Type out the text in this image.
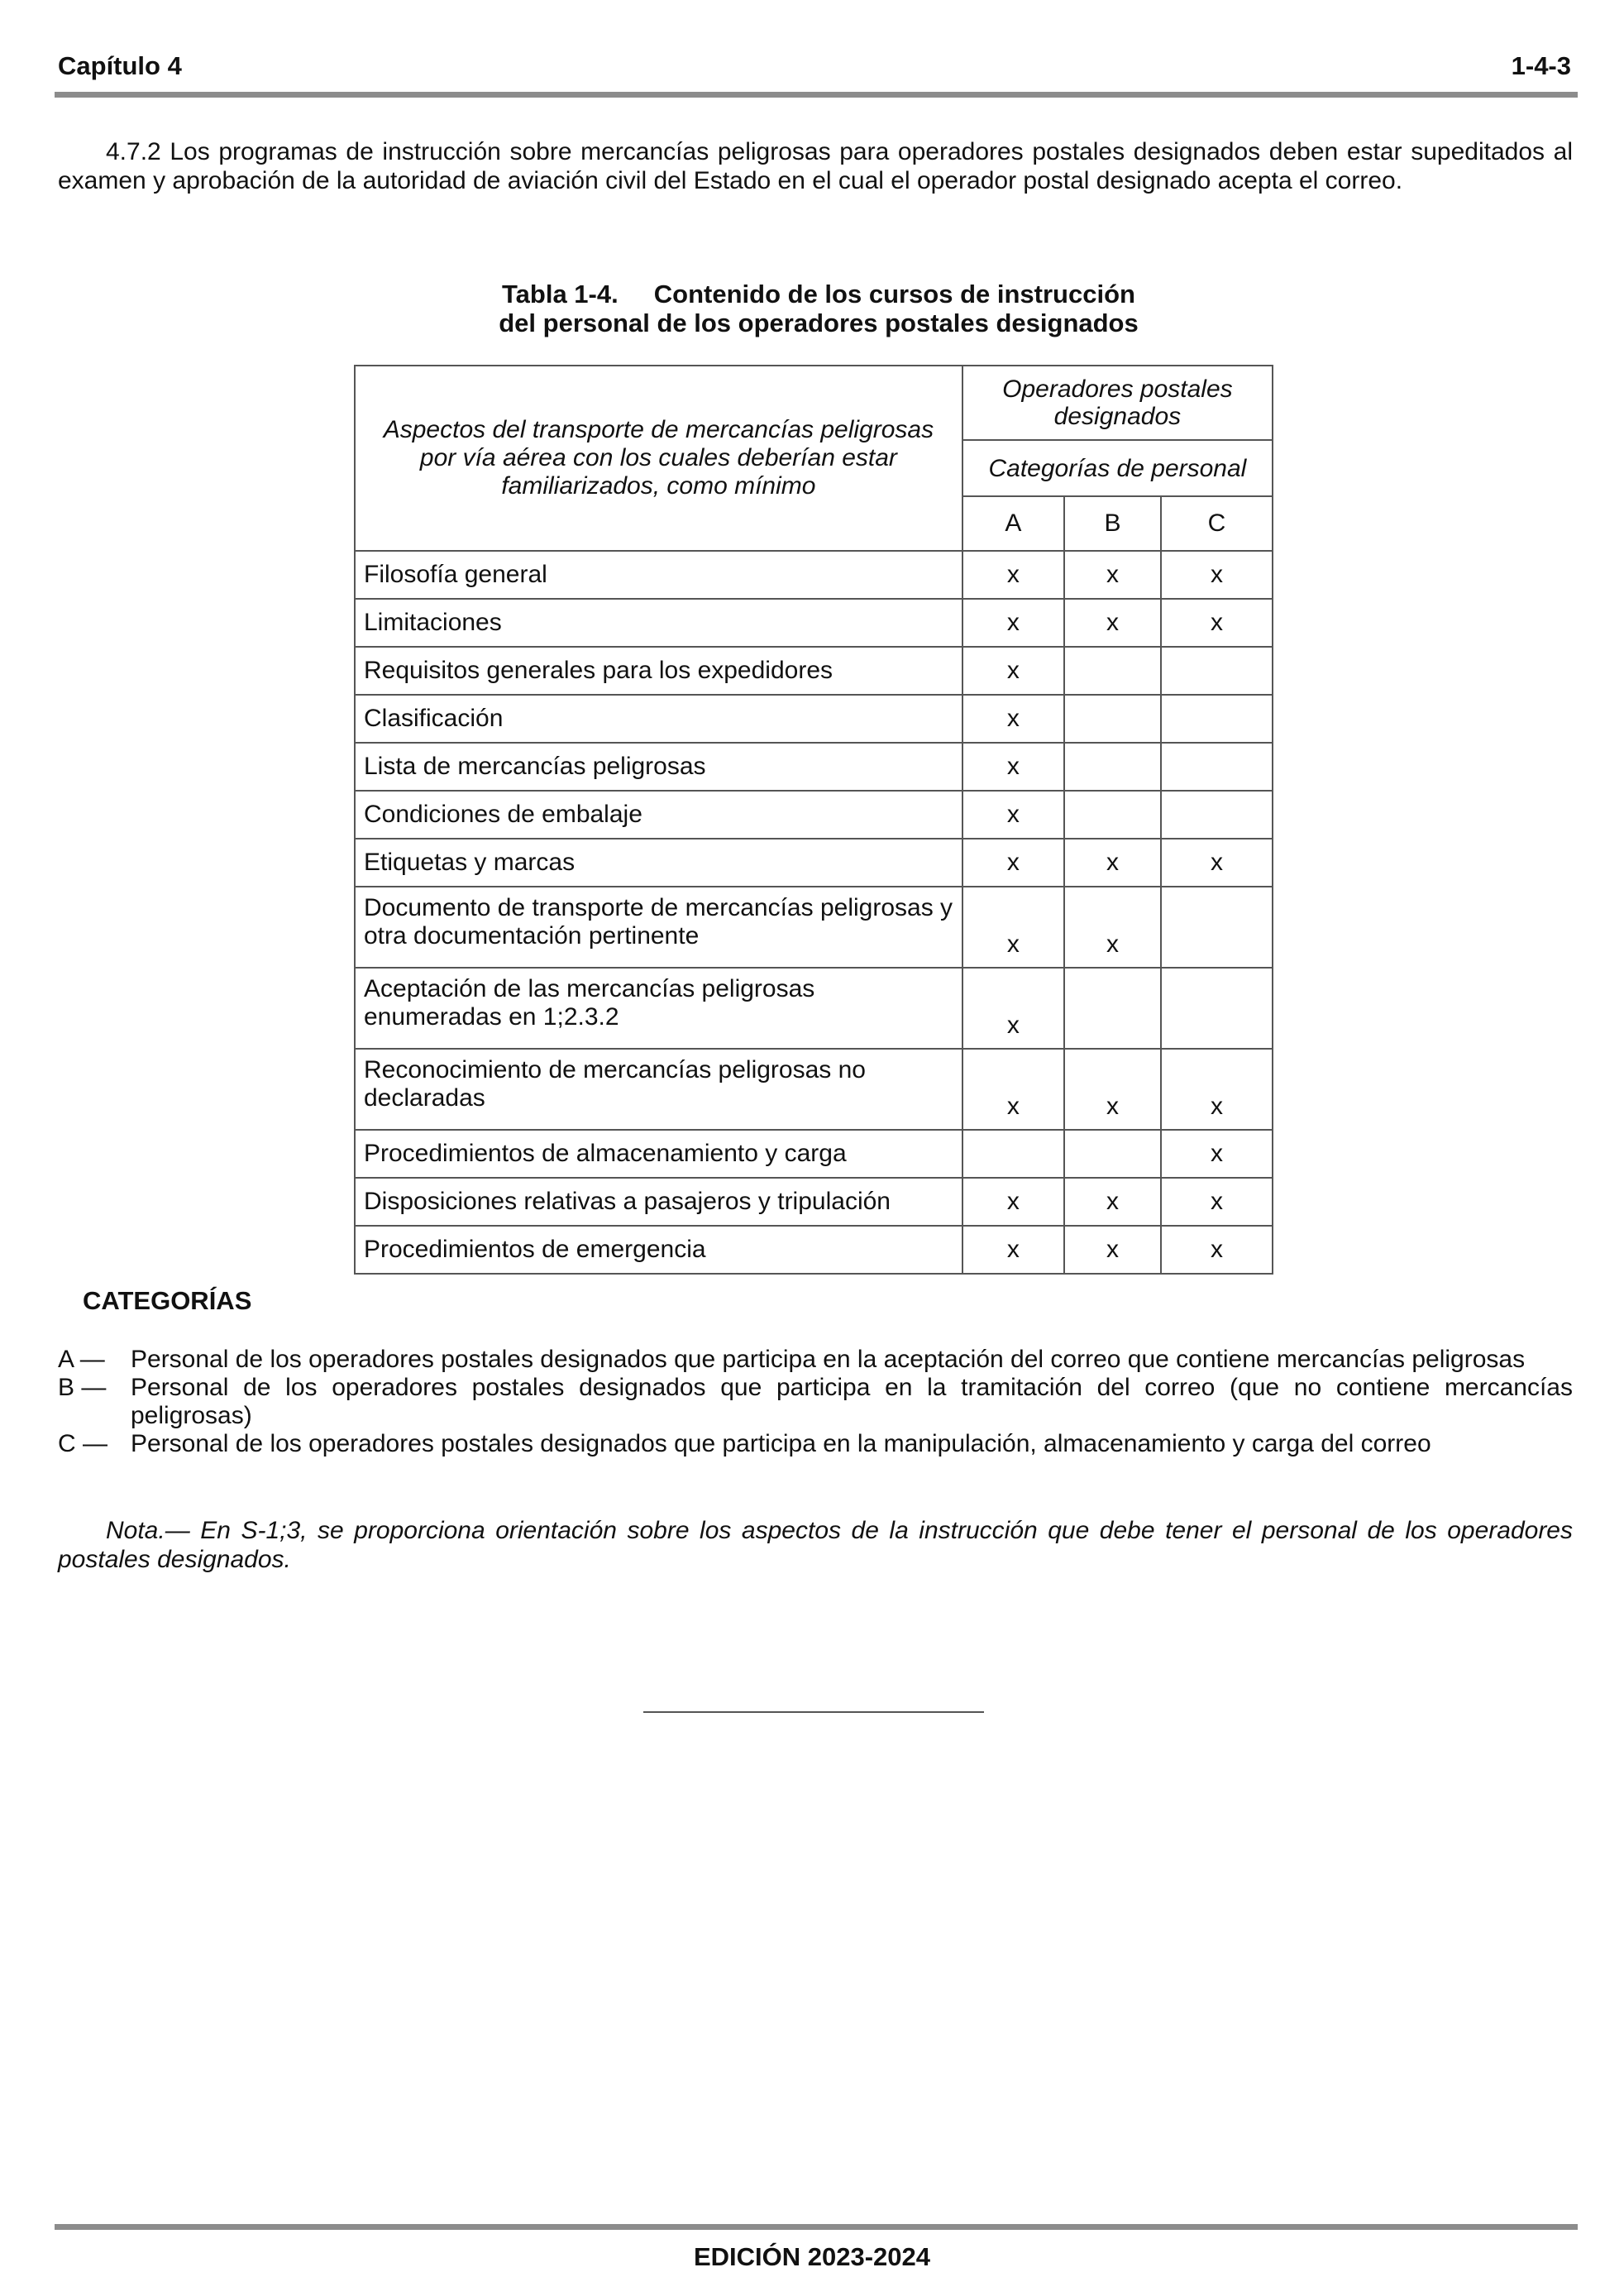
Capítulo 4	1-4-3
4.7.2 Los programas de instrucción sobre mercancías peligrosas para operadores postales designados deben estar supeditados al examen y aprobación de la autoridad de aviación civil del Estado en el cual el operador postal designado acepta el correo.
Tabla 1-4.     Contenido de los cursos de instrucción
del personal de los operadores postales designados
Aspectos del transporte de mercancías peligrosas por vía aérea con los cuales deberían estar familiarizados, como mínimo	Operadores postales designados		
	Categorías de personal		
	A	B	C
Filosofía general	x	x	x
Limitaciones	x	x	x
Requisitos generales para los expedidores	x		
Clasificación	x		
Lista de mercancías peligrosas	x		
Condiciones de embalaje	x		
Etiquetas y marcas	x	x	x
Documento de transporte de mercancías peligrosas y otra documentación pertinente	x	x	
Aceptación de las mercancías peligrosas enumeradas en 1;2.3.2	x		
Reconocimiento de mercancías peligrosas no declaradas	x	x	x
Procedimientos de almacenamiento y carga			x
Disposiciones relativas a pasajeros y tripulación	x	x	x
Procedimientos de emergencia	x	x	x
CATEGORÍAS
A —	Personal de los operadores postales designados que participa en la aceptación del correo que contiene mercancías peligrosas
B — Personal de los operadores postales designados que participa en la tramitación del correo (que no contiene mercancías peligrosas)
C — Personal de los operadores postales designados que participa en la manipulación, almacenamiento y carga del correo
Nota.— En S-1;3, se proporciona orientación sobre los aspectos de la instrucción que debe tener el personal de los operadores postales designados.
EDICIÓN 2023-2024
